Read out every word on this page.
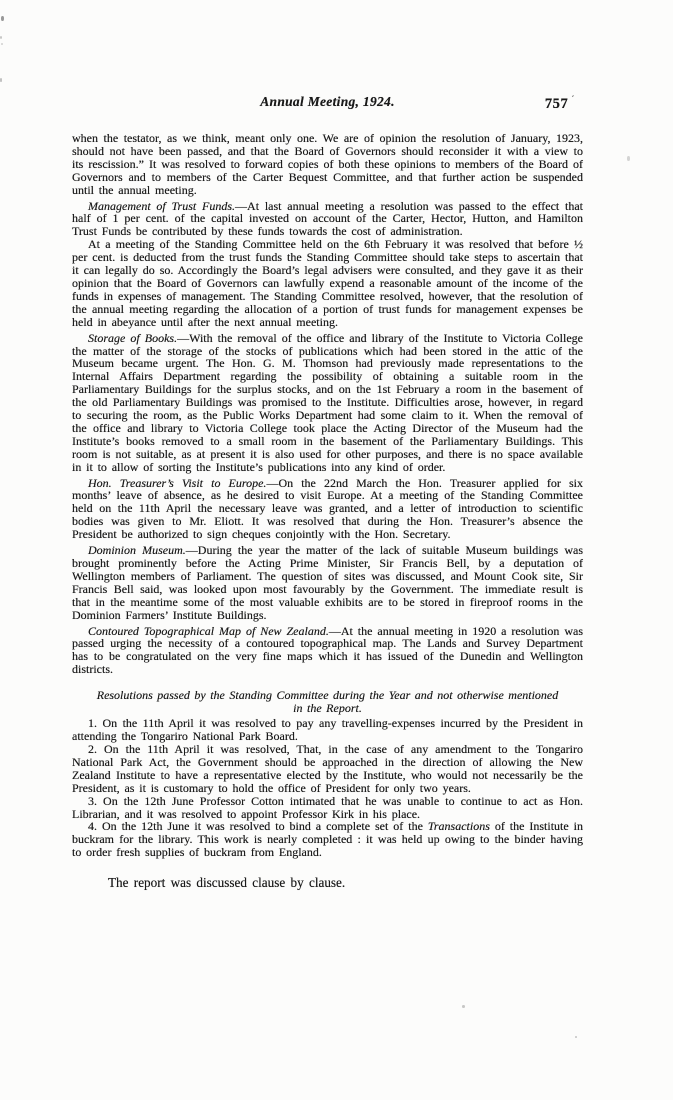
Annual Meeting, 1924.	757 ´

when the testator, as we think, meant only one. We are of opinion the resolution of January, 1923, should not have been passed, and that the Board of Governors should reconsider it with a view to its rescission.” It was resolved to forward copies of both these opinions to members of the Board of Governors and to members of the Carter Bequest Committee, and that further action be suspended until the annual meeting.

Management of Trust Funds.—At last annual meeting a resolution was passed to the effect that half of 1 per cent. of the capital invested on account of the Carter, Hector, Hutton, and Hamilton Trust Funds be contributed by these funds towards the cost of administration.

At a meeting of the Standing Committee held on the 6th February it was resolved that before ½ per cent. is deducted from the trust funds the Standing Committee should take steps to ascertain that it can legally do so. Accordingly the Board’s legal advisers were consulted, and they gave it as their opinion that the Board of Governors can lawfully expend a reasonable amount of the income of the funds in expenses of management. The Standing Committee resolved, however, that the resolution of the annual meeting regarding the allocation of a portion of trust funds for management expenses be held in abeyance until after the next annual meeting.

Storage of Books.—With the removal of the office and library of the Institute to Victoria College the matter of the storage of the stocks of publications which had been stored in the attic of the Museum became urgent. The Hon. G. M. Thomson had previously made representations to the Internal Affairs Department regarding the possibility of obtaining a suitable room in the Parliamentary Buildings for the surplus stocks, and on the 1st February a room in the basement of the old Parliamentary Buildings was promised to the Institute. Difficulties arose, however, in regard to securing the room, as the Public Works Department had some claim to it. When the removal of the office and library to Victoria College took place the Acting Director of the Museum had the Institute’s books removed to a small room in the basement of the Parliamentary Buildings. This room is not suitable, as at present it is also used for other purposes, and there is no space available in it to allow of sorting the Institute’s publications into any kind of order.

Hon. Treasurer’s Visit to Europe.—On the 22nd March the Hon. Treasurer applied for six months’ leave of absence, as he desired to visit Europe. At a meeting of the Standing Committee held on the 11th April the necessary leave was granted, and a letter of introduction to scientific bodies was given to Mr. Eliott. It was resolved that during the Hon. Treasurer’s absence the President be authorized to sign cheques conjointly with the Hon. Secretary.

Dominion Museum.—During the year the matter of the lack of suitable Museum buildings was brought prominently before the Acting Prime Minister, Sir Francis Bell, by a deputation of Wellington members of Parliament. The question of sites was discussed, and Mount Cook site, Sir Francis Bell said, was looked upon most favourably by the Government. The immediate result is that in the meantime some of the most valuable exhibits are to be stored in fireproof rooms in the Dominion Farmers’ Institute Buildings.

Contoured Topographical Map of New Zealand.—At the annual meeting in 1920 a resolution was passed urging the necessity of a contoured topographical map. The Lands and Survey Department has to be congratulated on the very fine maps which it has issued of the Dunedin and Wellington districts.

Resolutions passed by the Standing Committee during the Year and not otherwise mentioned
in the Report.

1. On the 11th April it was resolved to pay any travelling-expenses incurred by the President in attending the Tongariro National Park Board.

2. On the 11th April it was resolved, That, in the case of any amendment to the Tongariro National Park Act, the Government should be approached in the direction of allowing the New Zealand Institute to have a representative elected by the Institute, who would not necessarily be the President, as it is customary to hold the office of President for only two years.

3. On the 12th June Professor Cotton intimated that he was unable to continue to act as Hon. Librarian, and it was resolved to appoint Professor Kirk in his place.

4. On the 12th June it was resolved to bind a complete set of the Transactions of the Institute in buckram for the library. This work is nearly completed : it was held up owing to the binder having to order fresh supplies of buckram from England.

The report was discussed clause by clause.
